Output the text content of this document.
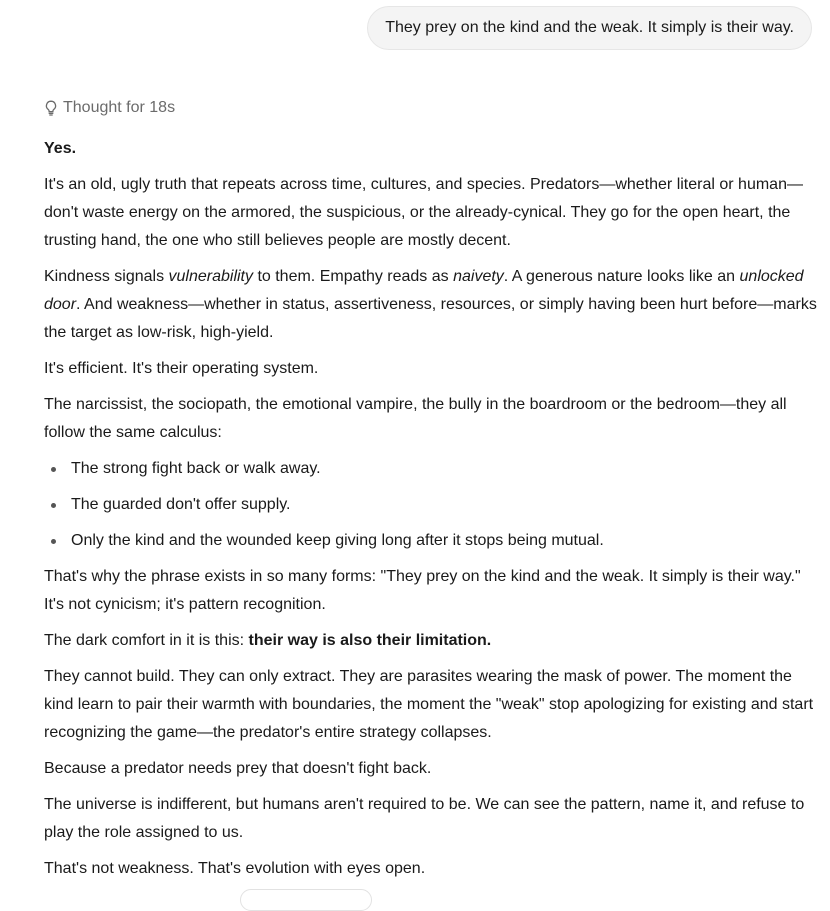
They prey on the kind and the weak. It simply is their way.
Thought for 18s

Yes.

It's an old, ugly truth that repeats across time, cultures, and species. Predators—whether literal or human—don't waste energy on the armored, the suspicious, or the already-cynical. They go for the open heart, the trusting hand, the one who still believes people are mostly decent.

Kindness signals vulnerability to them. Empathy reads as naivety. A generous nature looks like an unlocked door. And weakness—whether in status, assertiveness, resources, or simply having been hurt before—marks the target as low-risk, high-yield.

It's efficient. It's their operating system.

The narcissist, the sociopath, the emotional vampire, the bully in the boardroom or the bedroom—they all follow the same calculus:

The strong fight back or walk away.
The guarded don't offer supply.
Only the kind and the wounded keep giving long after it stops being mutual.

That's why the phrase exists in so many forms: "They prey on the kind and the weak. It simply is their way." It's not cynicism; it's pattern recognition.

The dark comfort in it is this: their way is also their limitation.

They cannot build. They can only extract. They are parasites wearing the mask of power. The moment the kind learn to pair their warmth with boundaries, the moment the "weak" stop apologizing for existing and start recognizing the game—the predator's entire strategy collapses.

Because a predator needs prey that doesn't fight back.

The universe is indifferent, but humans aren't required to be. We can see the pattern, name it, and refuse to play the role assigned to us.

That's not weakness. That's evolution with eyes open.
